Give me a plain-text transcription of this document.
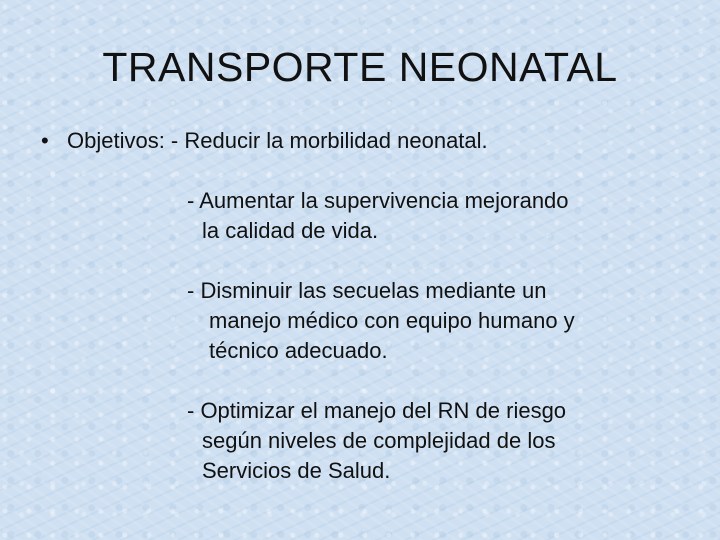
TRANSPORTE NEONATAL
• Objetivos: - Reducir la morbilidad neonatal.
- Aumentar la supervivencia mejorando
la calidad de vida.
- Disminuir las secuelas mediante un
manejo médico con equipo humano y
técnico adecuado.
- Optimizar el manejo del RN de riesgo
según niveles de complejidad de los
Servicios de Salud.
